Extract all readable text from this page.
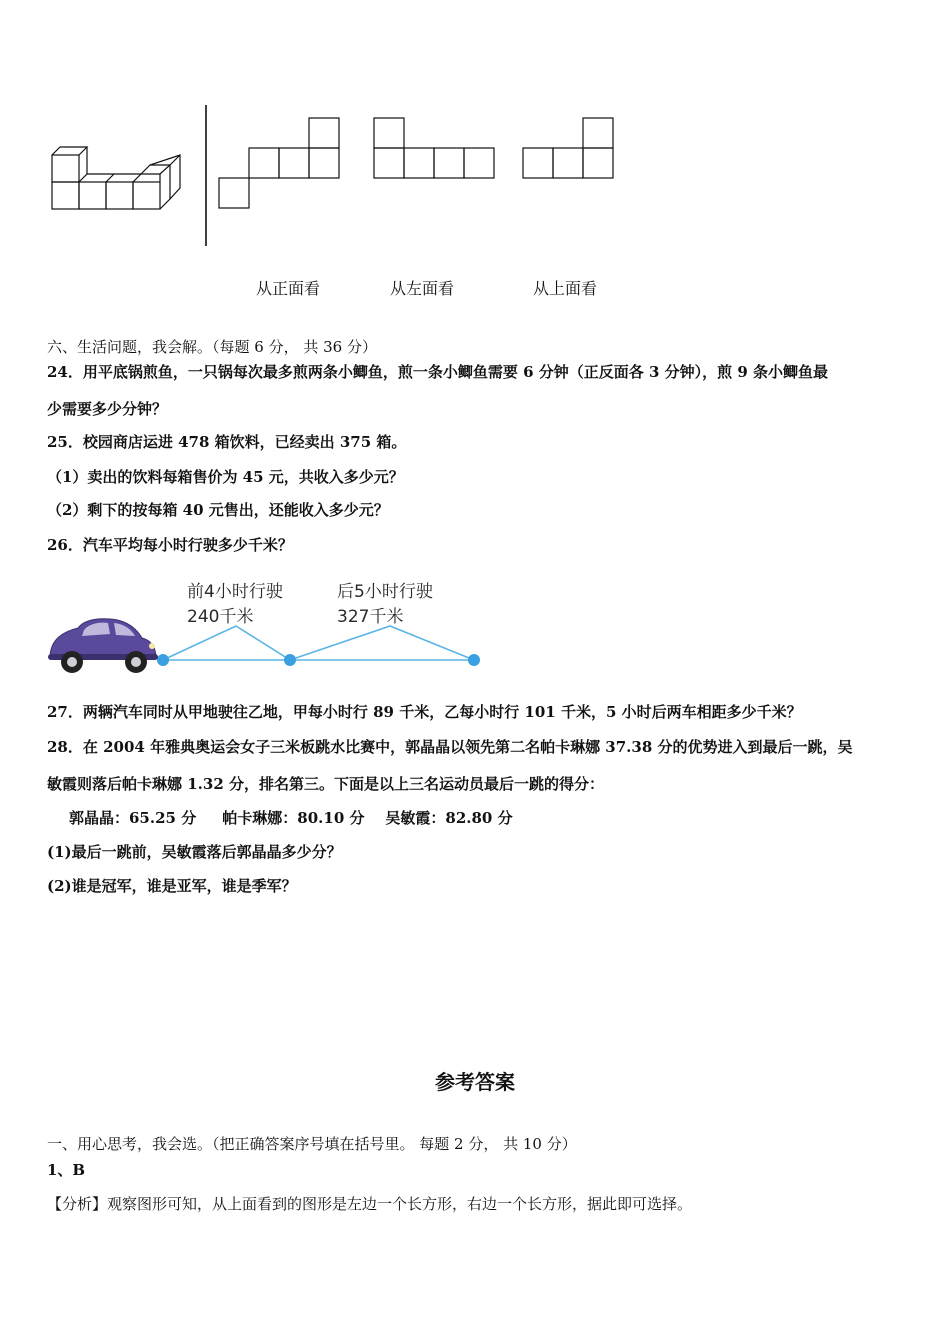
从正面看	从左面看	从上面看
六、生活问题，我会解。（每题 6 分， 共 36 分）
24．用平底锅煎鱼，一只锅每次最多煎两条小鲫鱼，煎一条小鲫鱼需要 6 分钟（正反面各 3 分钟），煎 9 条小鲫鱼最
少需要多少分钟？
25．校园商店运进 478 箱饮料，已经卖出 375 箱。
（1）卖出的饮料每箱售价为 45 元，共收入多少元？
（2）剩下的按每箱 40 元售出，还能收入多少元？
26．汽车平均每小时行驶多少千米？
前4小时行驶
240千米
后5小时行驶
327千米
27．两辆汽车同时从甲地驶往乙地，甲每小时行 89 千米，乙每小时行 101 千米，5 小时后两车相距多少千米？
28．在 2004 年雅典奥运会女子三米板跳水比赛中，郭晶晶以领先第二名帕卡琳娜 37.38 分的优势进入到最后一跳，吴
敏霞则落后帕卡琳娜 1.32 分，排名第三。下面是以上三名运动员最后一跳的得分：
郭晶晶：65.25 分     帕卡琳娜：80.10 分    吴敏霞：82.80 分
(1)最后一跳前，吴敏霞落后郭晶晶多少分？
(2)谁是冠军，谁是亚军，谁是季军？
参考答案
一、用心思考，我会选。（把正确答案序号填在括号里。 每题 2 分， 共 10 分）
1、B
【分析】观察图形可知，从上面看到的图形是左边一个长方形，右边一个长方形，据此即可选择。
